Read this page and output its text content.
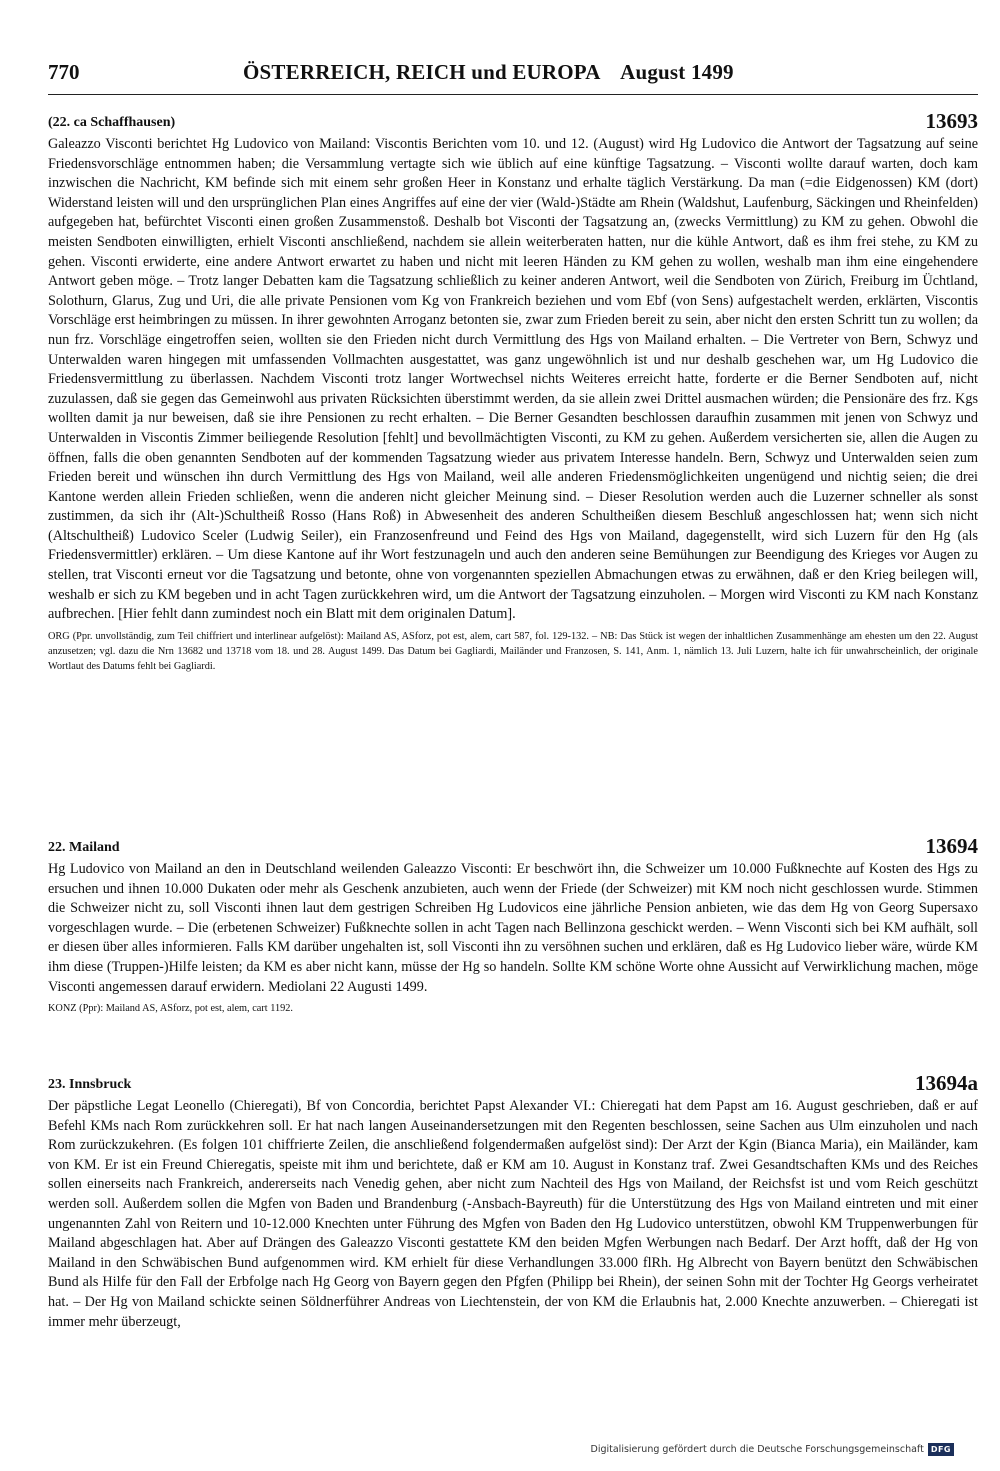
770	ÖSTERREICH, REICH und EUROPA    August 1499
(22. ca Schaffhausen)	13693

Galeazzo Visconti berichtet Hg Ludovico von Mailand: Viscontis Berichten vom 10. und 12. (August) wird Hg Ludovico die Antwort der Tagsatzung auf seine Friedensvorschläge entnommen haben; die Versammlung vertagte sich wie üblich auf eine künftige Tagsatzung. – Visconti wollte darauf warten, doch kam inzwischen die Nachricht, KM befinde sich mit einem sehr großen Heer in Konstanz und erhalte täglich Verstärkung. Da man (=die Eidgenossen) KM (dort) Widerstand leisten will und den ursprünglichen Plan eines Angriffes auf eine der vier (Wald-)Städte am Rhein (Waldshut, Laufenburg, Säckingen und Rheinfelden) aufgegeben hat, befürchtet Visconti einen großen Zusammenstoß. Deshalb bot Visconti der Tagsatzung an, (zwecks Vermittlung) zu KM zu gehen. Obwohl die meisten Sendboten einwilligten, erhielt Visconti anschließend, nachdem sie allein weiterberaten hatten, nur die kühle Antwort, daß es ihm frei stehe, zu KM zu gehen. Visconti erwiderte, eine andere Antwort erwartet zu haben und nicht mit leeren Händen zu KM gehen zu wollen, weshalb man ihm eine eingehendere Antwort geben möge. – Trotz langer Debatten kam die Tagsatzung schließlich zu keiner anderen Antwort, weil die Sendboten von Zürich, Freiburg im Üchtland, Solothurn, Glarus, Zug und Uri, die alle private Pensionen vom Kg von Frankreich beziehen und vom Ebf (von Sens) aufgestachelt werden, erklärten, Viscontis Vorschläge erst heimbringen zu müssen. In ihrer gewohnten Arroganz betonten sie, zwar zum Frieden bereit zu sein, aber nicht den ersten Schritt tun zu wollen; da nun frz. Vorschläge eingetroffen seien, wollten sie den Frieden nicht durch Vermittlung des Hgs von Mailand erhalten. – Die Vertreter von Bern, Schwyz und Unterwalden waren hingegen mit umfassenden Vollmachten ausgestattet, was ganz ungewöhnlich ist und nur deshalb geschehen war, um Hg Ludovico die Friedensvermittlung zu überlassen. Nachdem Visconti trotz langer Wortwechsel nichts Weiteres erreicht hatte, forderte er die Berner Sendboten auf, nicht zuzulassen, daß sie gegen das Gemeinwohl aus privaten Rücksichten überstimmt werden, da sie allein zwei Drittel ausmachen würden; die Pensionäre des frz. Kgs wollten damit ja nur beweisen, daß sie ihre Pensionen zu recht erhalten. – Die Berner Gesandten beschlossen daraufhin zusammen mit jenen von Schwyz und Unterwalden in Viscontis Zimmer beiliegende Resolution [fehlt] und bevollmächtigten Visconti, zu KM zu gehen. Außerdem versicherten sie, allen die Augen zu öffnen, falls die oben genannten Sendboten auf der kommenden Tagsatzung wieder aus privatem Interesse handeln. Bern, Schwyz und Unterwalden seien zum Frieden bereit und wünschen ihn durch Vermittlung des Hgs von Mailand, weil alle anderen Friedensmöglichkeiten ungenügend und nichtig seien; die drei Kantone werden allein Frieden schließen, wenn die anderen nicht gleicher Meinung sind. – Dieser Resolution werden auch die Luzerner schneller als sonst zustimmen, da sich ihr (Alt-)Schultheiß Rosso (Hans Roß) in Abwesenheit des anderen Schultheißen diesem Beschluß angeschlossen hat; wenn sich nicht (Altschultheiß) Ludovico Sceler (Ludwig Seiler), ein Franzosenfreund und Feind des Hgs von Mailand, dagegenstellt, wird sich Luzern für den Hg (als Friedensvermittler) erklären. – Um diese Kantone auf ihr Wort festzunageln und auch den anderen seine Bemühungen zur Beendigung des Krieges vor Augen zu stellen, trat Visconti erneut vor die Tagsatzung und betonte, ohne von vorgenannten speziellen Abmachungen etwas zu erwähnen, daß er den Krieg beilegen will, weshalb er sich zu KM begeben und in acht Tagen zurückkehren wird, um die Antwort der Tagsatzung einzuholen. – Morgen wird Visconti zu KM nach Konstanz aufbrechen. [Hier fehlt dann zumindest noch ein Blatt mit dem originalen Datum].

ORG (Ppr. unvollständig, zum Teil chiffriert und interlinear aufgelöst): Mailand AS, ASforz, pot est, alem, cart 587, fol. 129-132. – NB: Das Stück ist wegen der inhaltlichen Zusammenhänge am ehesten um den 22. August anzusetzen; vgl. dazu die Nrn 13682 und 13718 vom 18. und 28. August 1499. Das Datum bei Gagliardi, Mailänder und Franzosen, S. 141, Anm. 1, nämlich 13. Juli Luzern, halte ich für unwahrscheinlich, der originale Wortlaut des Datums fehlt bei Gagliardi.

22. Mailand	13694

Hg Ludovico von Mailand an den in Deutschland weilenden Galeazzo Visconti: Er beschwört ihn, die Schweizer um 10.000 Fußknechte auf Kosten des Hgs zu ersuchen und ihnen 10.000 Dukaten oder mehr als Geschenk anzubieten, auch wenn der Friede (der Schweizer) mit KM noch nicht geschlossen wurde. Stimmen die Schweizer nicht zu, soll Visconti ihnen laut dem gestrigen Schreiben Hg Ludovicos eine jährliche Pension anbieten, wie das dem Hg von Georg Supersaxo vorgeschlagen wurde. – Die (erbetenen Schweizer) Fußknechte sollen in acht Tagen nach Bellinzona geschickt werden. – Wenn Visconti sich bei KM aufhält, soll er diesen über alles informieren. Falls KM darüber ungehalten ist, soll Visconti ihn zu versöhnen suchen und erklären, daß es Hg Ludovico lieber wäre, würde KM ihm diese (Truppen-)Hilfe leisten; da KM es aber nicht kann, müsse der Hg so handeln. Sollte KM schöne Worte ohne Aussicht auf Verwirklichung machen, möge Visconti angemessen darauf erwidern. Mediolani 22 Augusti 1499.

KONZ (Ppr): Mailand AS, ASforz, pot est, alem, cart 1192.

23. Innsbruck	13694a

Der päpstliche Legat Leonello (Chieregati), Bf von Concordia, berichtet Papst Alexander VI.: Chieregati hat dem Papst am 16. August geschrieben, daß er auf Befehl KMs nach Rom zurückkehren soll. Er hat nach langen Auseinandersetzungen mit den Regenten beschlossen, seine Sachen aus Ulm einzuholen und nach Rom zurückzukehren. (Es folgen 101 chiffrierte Zeilen, die anschließend folgendermaßen aufgelöst sind): Der Arzt der Kgin (Bianca Maria), ein Mailänder, kam von KM. Er ist ein Freund Chieregatis, speiste mit ihm und berichtete, daß er KM am 10. August in Konstanz traf. Zwei Gesandtschaften KMs und des Reiches sollen einerseits nach Frankreich, andererseits nach Venedig gehen, aber nicht zum Nachteil des Hgs von Mailand, der Reichsfst ist und vom Reich geschützt werden soll. Außerdem sollen die Mgfen von Baden und Brandenburg (-Ansbach-Bayreuth) für die Unterstützung des Hgs von Mailand eintreten und mit einer ungenannten Zahl von Reitern und 10-12.000 Knechten unter Führung des Mgfen von Baden den Hg Ludovico unterstützen, obwohl KM Truppenwerbungen für Mailand abgeschlagen hat. Aber auf Drängen des Galeazzo Visconti gestattete KM den beiden Mgfen Werbungen nach Bedarf. Der Arzt hofft, daß der Hg von Mailand in den Schwäbischen Bund aufgenommen wird. KM erhielt für diese Verhandlungen 33.000 flRh. Hg Albrecht von Bayern benützt den Schwäbischen Bund als Hilfe für den Fall der Erbfolge nach Hg Georg von Bayern gegen den Pfgfen (Philipp bei Rhein), der seinen Sohn mit der Tochter Hg Georgs verheiratet hat. – Der Hg von Mailand schickte seinen Söldnerführer Andreas von Liechtenstein, der von KM die Erlaubnis hat, 2.000 Knechte anzuwerben. – Chieregati ist immer mehr überzeugt,

Digitalisierung gefördert durch die Deutsche Forschungsgemeinschaft DFG
